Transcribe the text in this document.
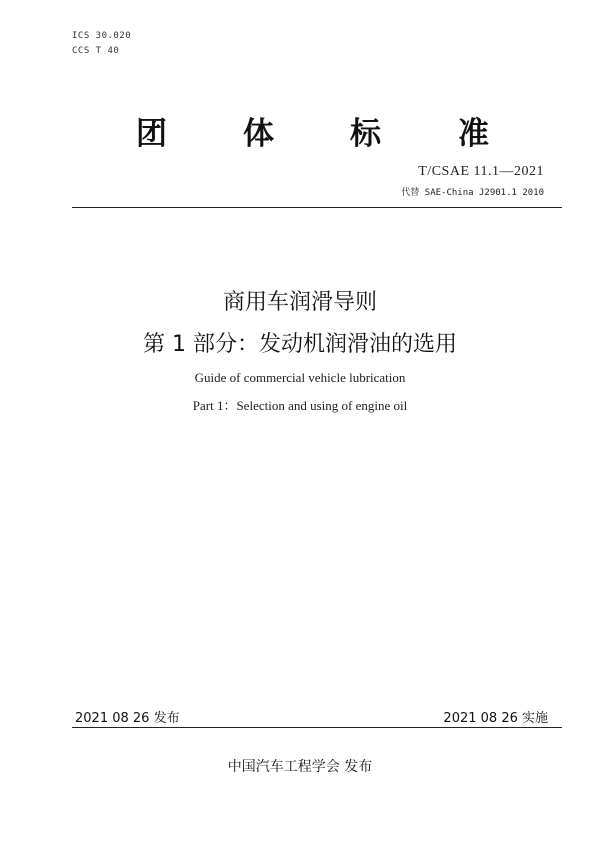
ICS 30.020
CCS T 40
团 体 标 准
T/CSAE 11.1—2021
代替 SAE-China J2901.1 2010
商用车润滑导则
第 1 部分：发动机润滑油的选用
Guide of commercial vehicle lubrication
Part 1：Selection and using of engine oil
2021 08 26 发布	2021 08 26 实施
中国汽车工程学会 发布
